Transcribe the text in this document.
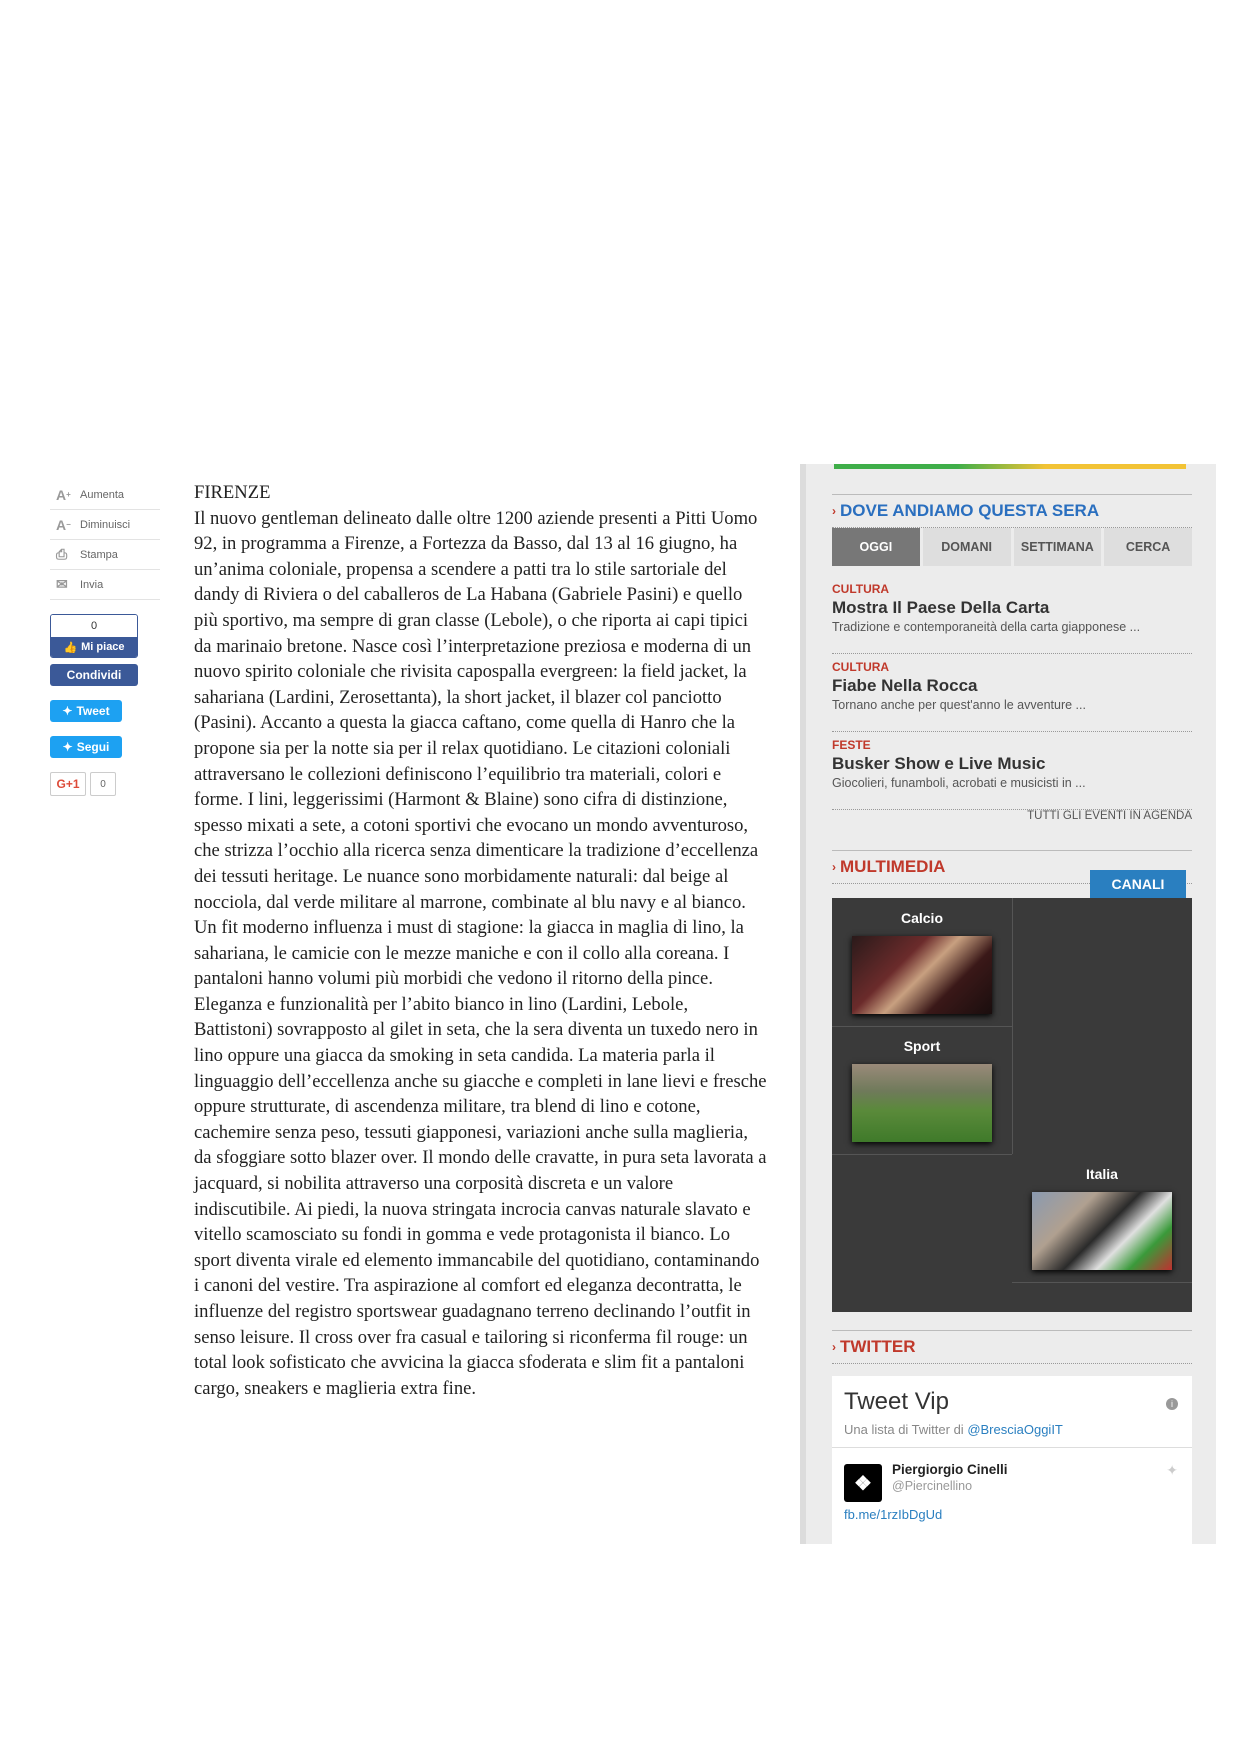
A + Aumenta
A − Diminuisci
⎙	Stampa
✉	Invia
0
👍 Mi piace
Condividi
✦ Tweet
✦ Segui
G+1	0
FIRENZE
Il nuovo gentleman delineato dalle oltre 1200 aziende presenti a Pitti Uomo 92, in programma a Firenze, a Fortezza da Basso, dal 13 al 16 giugno, ha un’anima coloniale, propensa a scendere a patti tra lo stile sartoriale del dandy di Riviera o del caballeros de La Habana (Gabriele Pasini) e quello più sportivo, ma sempre di gran classe (Lebole), o che riporta ai capi tipici da marinaio bretone. Nasce così l’interpretazione preziosa e moderna di un nuovo spirito coloniale che rivisita capospalla evergreen: la field jacket, la sahariana (Lardini, Zerosettanta), la short jacket, il blazer col panciotto (Pasini). Accanto a questa la giacca caftano, come quella di Hanro che la propone sia per la notte sia per il relax quotidiano. Le citazioni coloniali attraversano le collezioni definiscono l’equilibrio tra materiali, colori e forme. I lini, leggerissimi (Harmont & Blaine) sono cifra di distinzione, spesso mixati a sete, a cotoni sportivi che evocano un mondo avventuroso, che strizza l’occhio alla ricerca senza dimenticare la tradizione d’eccellenza dei tessuti heritage. Le nuance sono morbidamente naturali: dal beige al nocciola, dal verde militare al marrone, combinate al blu navy e al bianco. Un fit moderno influenza i must di stagione: la giacca in maglia di lino, la sahariana, le camicie con le mezze maniche e con il collo alla coreana. I pantaloni hanno volumi più morbidi che vedono il ritorno della pince. Eleganza e funzionalità per l’abito bianco in lino (Lardini, Lebole, Battistoni) sovrapposto al gilet in seta, che la sera diventa un tuxedo nero in lino oppure una giacca da smoking in seta candida. La materia parla il linguaggio dell’eccellenza anche su giacche e completi in lane lievi e fresche oppure strutturate, di ascendenza militare, tra blend di lino e cotone, cachemire senza peso, tessuti giapponesi, variazioni anche sulla maglieria, da sfoggiare sotto blazer over. Il mondo delle cravatte, in pura seta lavorata a jacquard, si nobilita attraverso una corposità discreta e un valore indiscutibile. Ai piedi, la nuova stringata incrocia canvas naturale slavato e vitello scamosciato su fondi in gomma e vede protagonista il bianco. Lo sport diventa virale ed elemento immancabile del quotidiano, contaminando i canoni del vestire. Tra aspirazione al comfort ed eleganza decontratta, le influenze del registro sportswear guadagnano terreno declinando l’outfit in senso leisure. Il cross over fra casual e tailoring si riconferma fil rouge: un total look sofisticato che avvicina la giacca sfoderata e slim fit a pantaloni cargo, sneakers e maglieria extra fine.
› DOVE ANDIAMO QUESTA SERA
OGGI	DOMANI	SETTIMANA	CERCA
CULTURA
Mostra Il Paese Della Carta
Tradizione e contemporaneità della carta giapponese ...
CULTURA
Fiabe Nella Rocca
Tornano anche per quest'anno le avventure ...
FESTE
Busker Show e Live Music
Giocolieri, funamboli, acrobati e musicisti in ...
TUTTI GLI EVENTI IN AGENDA
› MULTIMEDIA
CANALI
Calcio
Sport
Italia
› TWITTER
Tweet Vip
Una lista di Twitter di @BresciaOggiIT
i
❖
Piergiorgio Cinelli
@Piercinellino
fb.me/1rzIbDgUd
✦
